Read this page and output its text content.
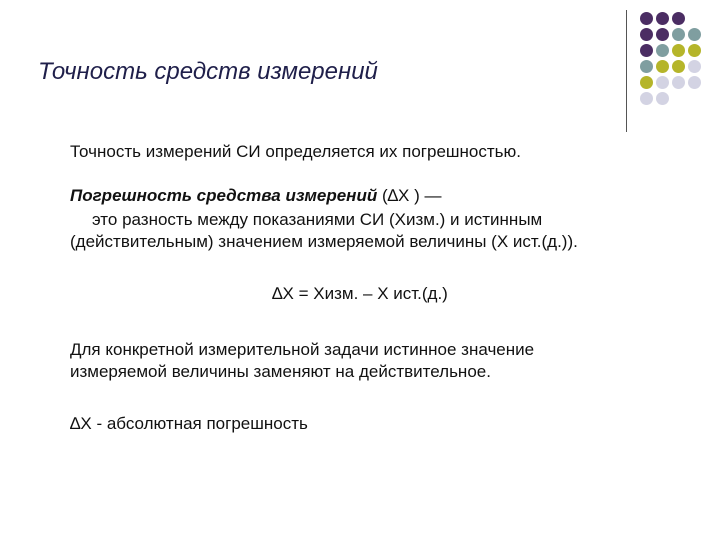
Точность средств измерений
Точность измерений СИ определяется их погрешностью.
Погрешность средства измерений (∆Х ) —
это разность между показаниями СИ (Хизм.) и истинным
(действительным) значением измеряемой величины (Х ист.(д.)).
∆Х = Хизм. – Х ист.(д.)
Для конкретной измерительной задачи истинное значение
измеряемой величины заменяют на действительное.
∆Х - абсолютная погрешность
